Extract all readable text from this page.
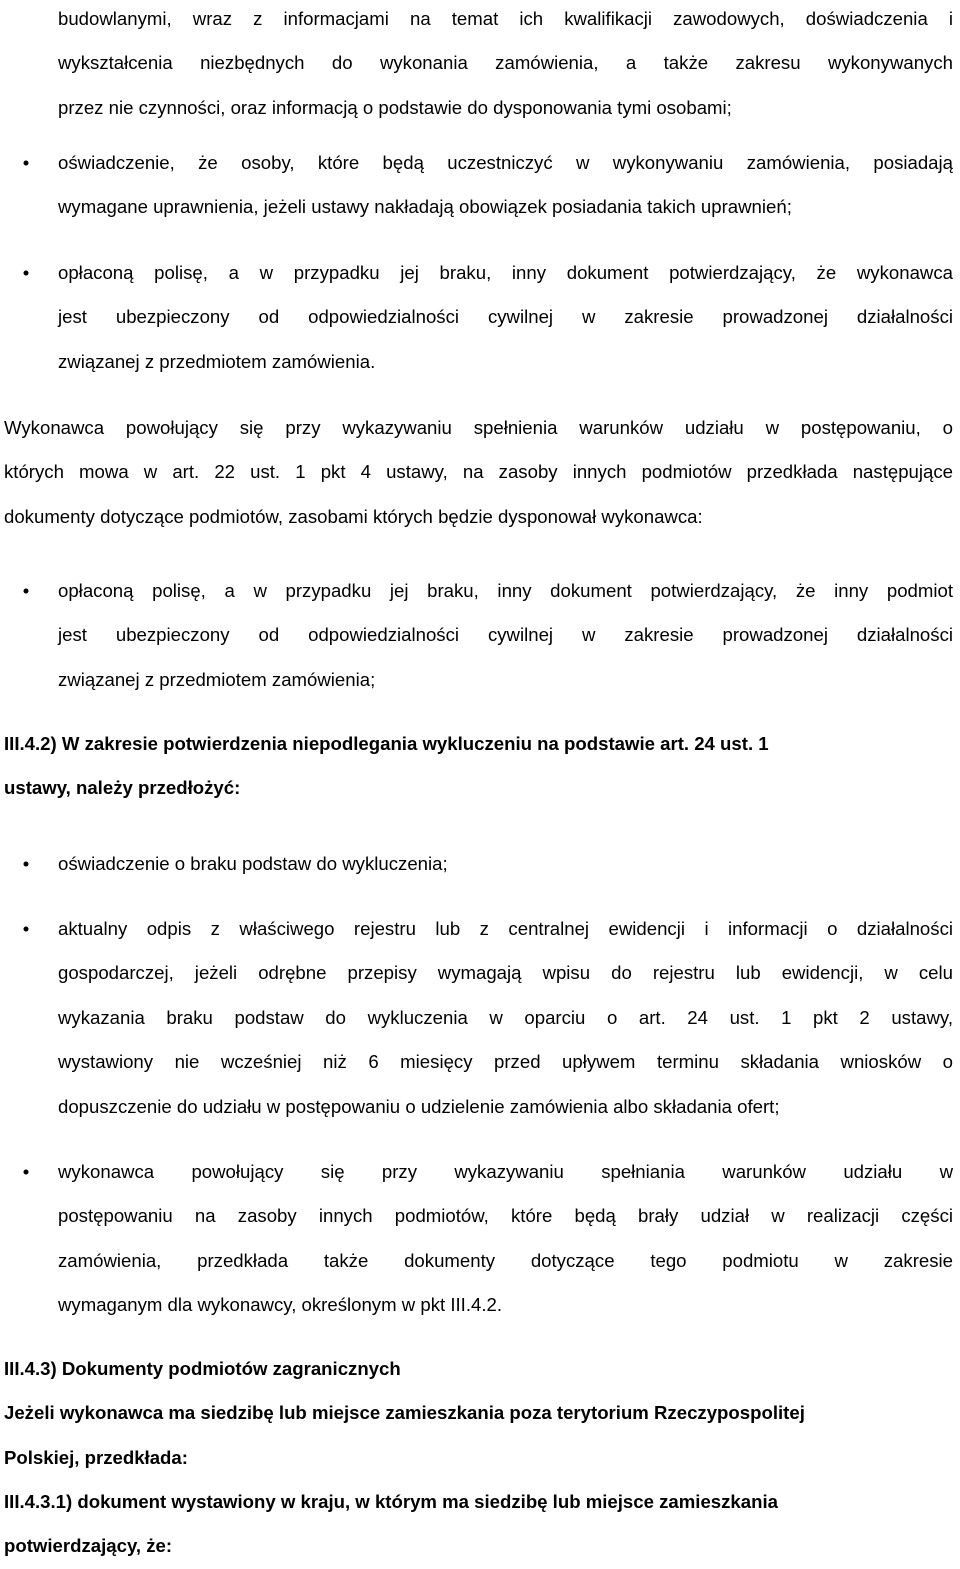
budowlanymi, wraz z informacjami na temat ich kwalifikacji zawodowych, doświadczenia i
wykształcenia niezbędnych do wykonania zamówienia, a także zakresu wykonywanych
przez nie czynności, oraz informacją o podstawie do dysponowania tymi osobami;
•	oświadczenie, że osoby, które będą uczestniczyć w wykonywaniu zamówienia, posiadają
wymagane uprawnienia, jeżeli ustawy nakładają obowiązek posiadania takich uprawnień;
•	opłaconą polisę, a w przypadku jej braku, inny dokument potwierdzający, że wykonawca
jest ubezpieczony od odpowiedzialności cywilnej w zakresie prowadzonej działalności
związanej z przedmiotem zamówienia.
Wykonawca powołujący się przy wykazywaniu spełnienia warunków udziału w postępowaniu, o
których mowa w art. 22 ust. 1 pkt 4 ustawy, na zasoby innych podmiotów przedkłada następujące
dokumenty dotyczące podmiotów, zasobami których będzie dysponował wykonawca:
•	opłaconą polisę, a w przypadku jej braku, inny dokument potwierdzający, że inny podmiot
jest ubezpieczony od odpowiedzialności cywilnej w zakresie prowadzonej działalności
związanej z przedmiotem zamówienia;
III.4.2) W zakresie potwierdzenia niepodlegania wykluczeniu na podstawie art. 24 ust. 1
ustawy, należy przedłożyć:
•	oświadczenie o braku podstaw do wykluczenia;
•	aktualny odpis z właściwego rejestru lub z centralnej ewidencji i informacji o działalności
gospodarczej, jeżeli odrębne przepisy wymagają wpisu do rejestru lub ewidencji, w celu
wykazania braku podstaw do wykluczenia w oparciu o art. 24 ust. 1 pkt 2 ustawy,
wystawiony nie wcześniej niż 6 miesięcy przed upływem terminu składania wniosków o
dopuszczenie do udziału w postępowaniu o udzielenie zamówienia albo składania ofert;
•	wykonawca powołujący się przy wykazywaniu spełniania warunków udziału w
postępowaniu na zasoby innych podmiotów, które będą brały udział w realizacji części
zamówienia, przedkłada także dokumenty dotyczące tego podmiotu w zakresie
wymaganym dla wykonawcy, określonym w pkt III.4.2.
III.4.3) Dokumenty podmiotów zagranicznych
Jeżeli wykonawca ma siedzibę lub miejsce zamieszkania poza terytorium Rzeczypospolitej
Polskiej, przedkłada:
III.4.3.1) dokument wystawiony w kraju, w którym ma siedzibę lub miejsce zamieszkania
potwierdzający, że:
